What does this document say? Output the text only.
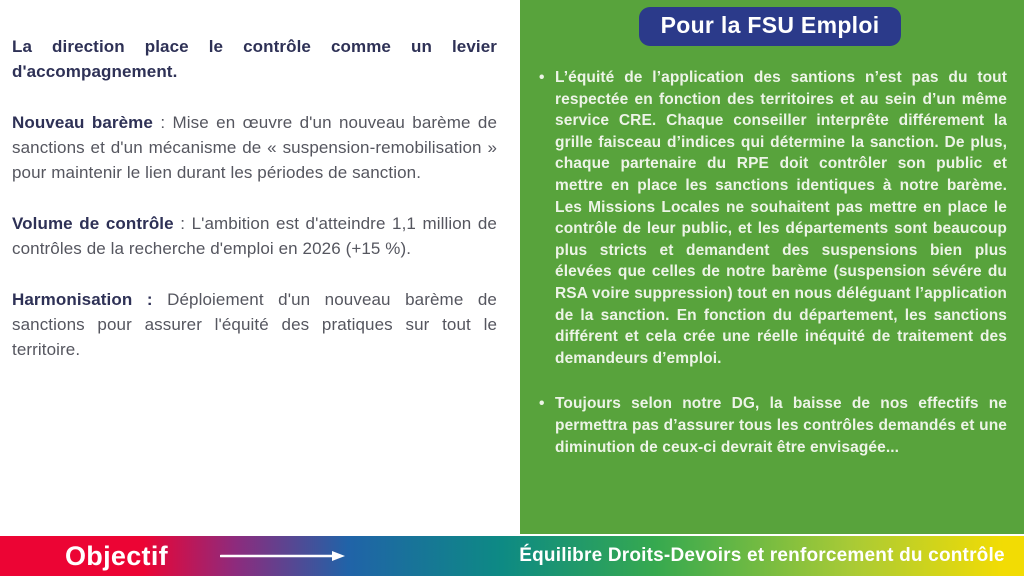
La direction place le contrôle comme un levier d'accompagnement.

Nouveau barème : Mise en œuvre d'un nouveau barème de sanctions et d'un mécanisme de « suspension-remobilisation » pour maintenir le lien durant les périodes de sanction.

Volume de contrôle : L'ambition est d'atteindre 1,1 million de contrôles de la recherche d'emploi en 2026 (+15 %).

Harmonisation : Déploiement d'un nouveau barème de sanctions pour assurer l'équité des pratiques sur tout le territoire.

Pour la FSU Emploi
• L’équité de l’application des santions n’est pas du tout respectée en fonction des territoires et au sein d’un même service CRE. Chaque conseiller interprête différement la grille faisceau d’indices qui détermine la sanction. De plus, chaque partenaire du RPE doit contrôler son public et mettre en place les sanctions identiques à notre barème. Les Missions Locales ne souhaitent pas mettre en place le contrôle de leur public, et les départements sont beaucoup plus stricts et demandent des suspensions bien plus élevées que celles de notre barème (suspension sévére du RSA voire suppression) tout en nous déléguant l’application de la sanction. En fonction du département, les sanctions différent et cela crée une réelle inéquité de traitement des demandeurs d’emploi.
• Toujours selon notre DG, la baisse de nos effectifs ne permettra pas d’assurer tous les contrôles demandés et une diminution de ceux-ci devrait être envisagée...
Objectif	Équilibre Droits-Devoirs et renforcement du contrôle
